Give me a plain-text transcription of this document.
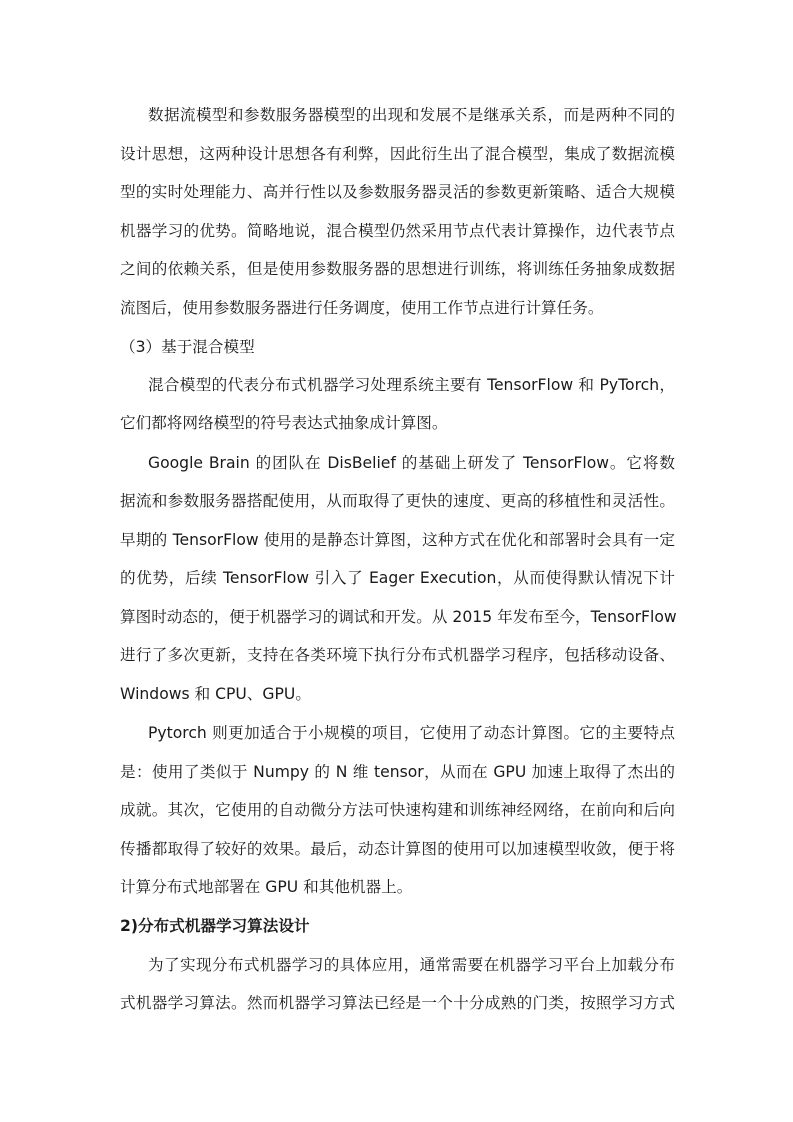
数据流模型和参数服务器模型的出现和发展不是继承关系，而是两种不同的
设计思想，这两种设计思想各有利弊，因此衍生出了混合模型，集成了数据流模
型的实时处理能力、高并行性以及参数服务器灵活的参数更新策略、适合大规模
机器学习的优势。简略地说，混合模型仍然采用节点代表计算操作，边代表节点
之间的依赖关系，但是使用参数服务器的思想进行训练，将训练任务抽象成数据
流图后，使用参数服务器进行任务调度，使用工作节点进行计算任务。
（3）基于混合模型
混合模型的代表分布式机器学习处理系统主要有 TensorFlow 和 PyTorch，
它们都将网络模型的符号表达式抽象成计算图。
Google Brain 的团队在 DisBelief 的基础上研发了 TensorFlow。它将数
据流和参数服务器搭配使用，从而取得了更快的速度、更高的移植性和灵活性。
早期的 TensorFlow 使用的是静态计算图，这种方式在优化和部署时会具有一定
的优势，后续 TensorFlow 引入了 Eager Execution，从而使得默认情况下计
算图时动态的，便于机器学习的调试和开发。从 2015 年发布至今，TensorFlow
进行了多次更新，支持在各类环境下执行分布式机器学习程序，包括移动设备、
Windows 和 CPU、GPU。
Pytorch 则更加适合于小规模的项目，它使用了动态计算图。它的主要特点
是：使用了类似于 Numpy 的 N 维 tensor，从而在 GPU 加速上取得了杰出的
成就。其次，它使用的自动微分方法可快速构建和训练神经网络，在前向和后向
传播都取得了较好的效果。最后，动态计算图的使用可以加速模型收敛，便于将
计算分布式地部署在 GPU 和其他机器上。
2)分布式机器学习算法设计
为了实现分布式机器学习的具体应用，通常需要在机器学习平台上加载分布
式机器学习算法。然而机器学习算法已经是一个十分成熟的门类，按照学习方式
